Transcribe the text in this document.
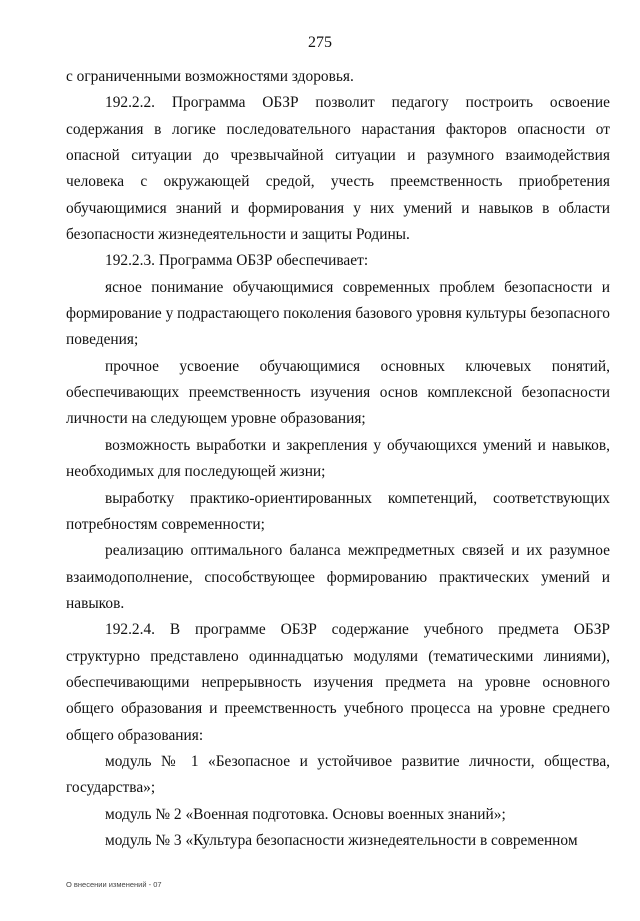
275

с ограниченными возможностями здоровья.

192.2.2. Программа ОБЗР позволит педагогу построить освоение содержания в логике последовательного нарастания факторов опасности от опасной ситуации до чрезвычайной ситуации и разумного взаимодействия человека с окружающей средой, учесть преемственность приобретения обучающимися знаний и формирования у них умений и навыков в области безопасности жизнедеятельности и защиты Родины.

192.2.3. Программа ОБЗР обеспечивает:

ясное понимание обучающимися современных проблем безопасности и формирование у подрастающего поколения базового уровня культуры безопасного поведения;

прочное усвоение обучающимися основных ключевых понятий, обеспечивающих преемственность изучения основ комплексной безопасности личности на следующем уровне образования;

возможность выработки и закрепления у обучающихся умений и навыков, необходимых для последующей жизни;

выработку практико-ориентированных компетенций, соответствующих потребностям современности;

реализацию оптимального баланса межпредметных связей и их разумное взаимодополнение, способствующее формированию практических умений и навыков.

192.2.4. В программе ОБЗР содержание учебного предмета ОБЗР структурно представлено одиннадцатью модулями (тематическими линиями), обеспечивающими непрерывность изучения предмета на уровне основного общего образования и преемственность учебного процесса на уровне среднего общего образования:

модуль № 1 «Безопасное и устойчивое развитие личности, общества, государства»;

модуль № 2 «Военная подготовка. Основы военных знаний»;

модуль № 3 «Культура безопасности жизнедеятельности в современном

О внесении изменений - 07
